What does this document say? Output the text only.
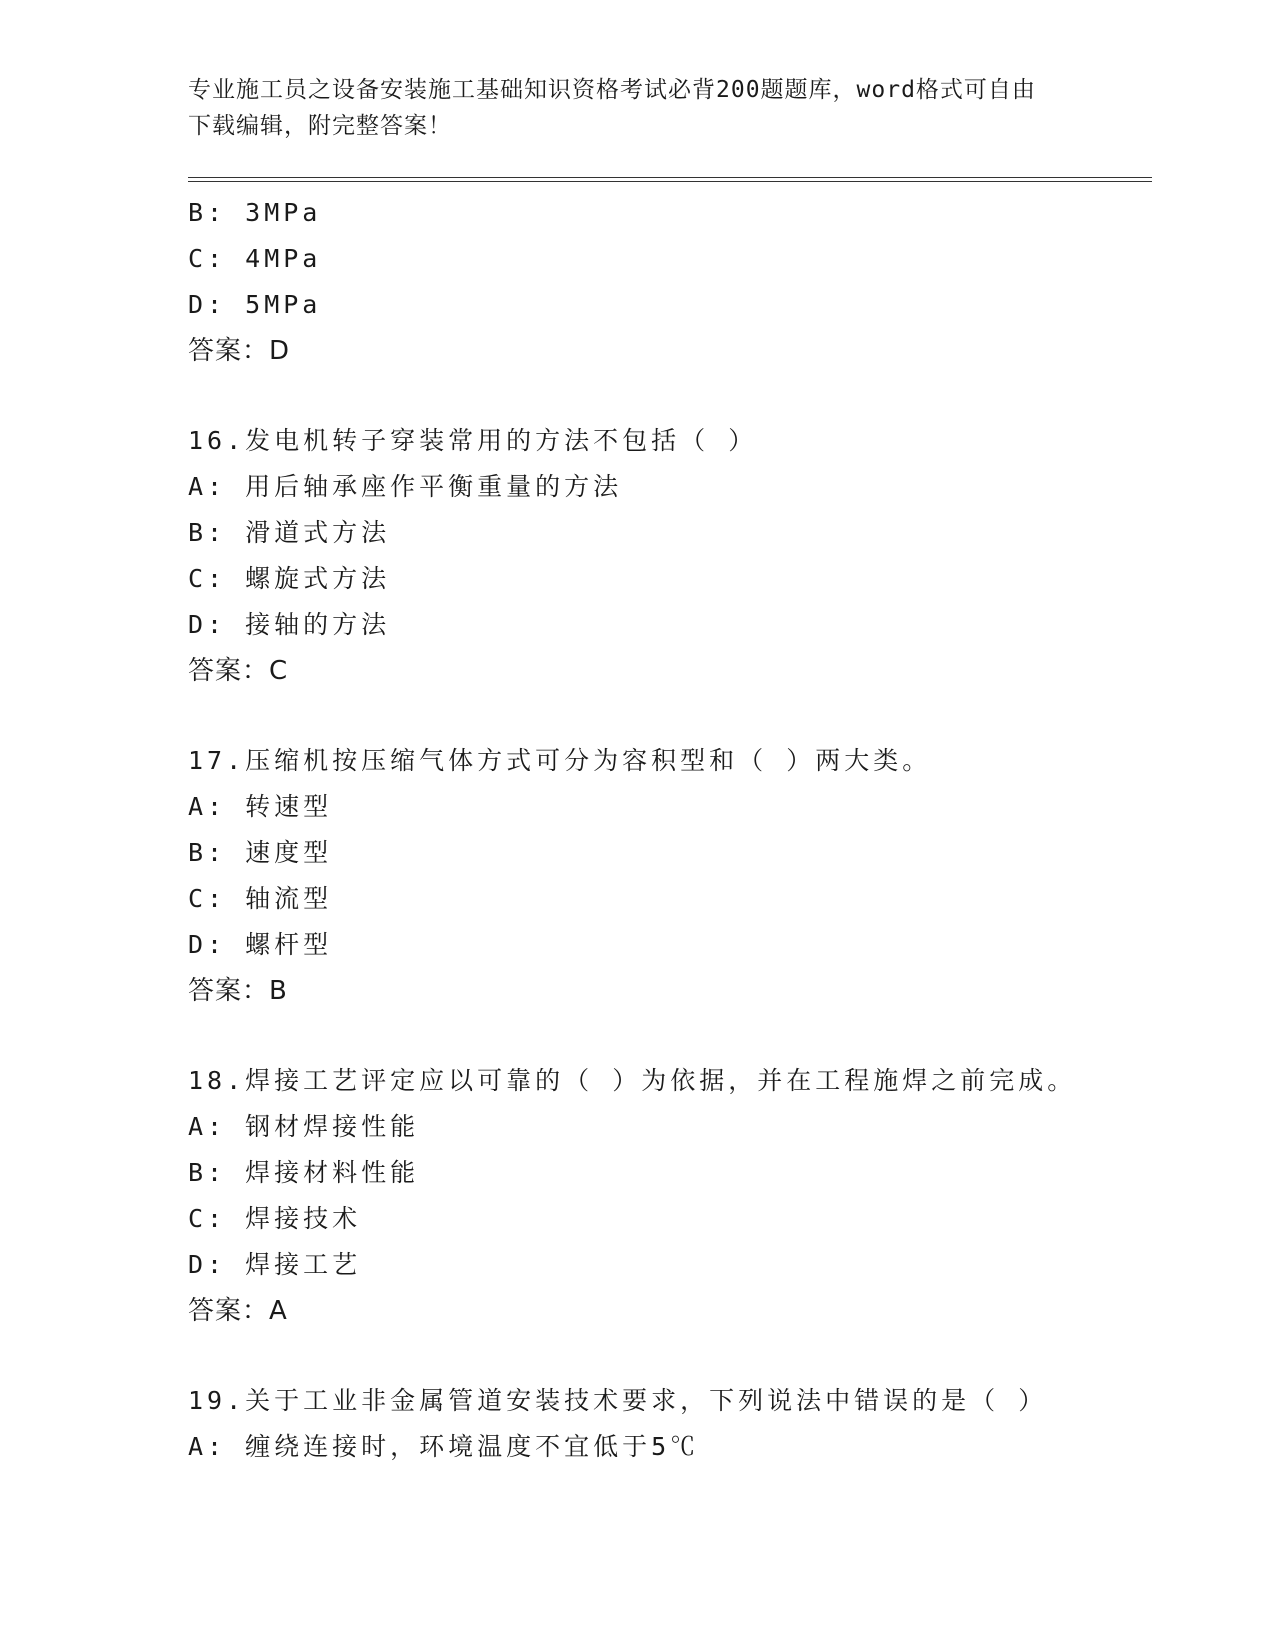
专业施工员之设备安装施工基础知识资格考试必背200题题库，word格式可自由
下载编辑，附完整答案！
B: 3MPa
C: 4MPa
D: 5MPa
答案：D
16.发电机转子穿装常用的方法不包括（ ）
A: 用后轴承座作平衡重量的方法
B: 滑道式方法
C: 螺旋式方法
D: 接轴的方法
答案：C
17.压缩机按压缩气体方式可分为容积型和（ ）两大类。
A: 转速型
B: 速度型
C: 轴流型
D: 螺杆型
答案：B
18.焊接工艺评定应以可靠的（ ）为依据，并在工程施焊之前完成。
A: 钢材焊接性能
B: 焊接材料性能
C: 焊接技术
D: 焊接工艺
答案：A
19.关于工业非金属管道安装技术要求，下列说法中错误的是（ ）
A: 缠绕连接时，环境温度不宜低于5℃
